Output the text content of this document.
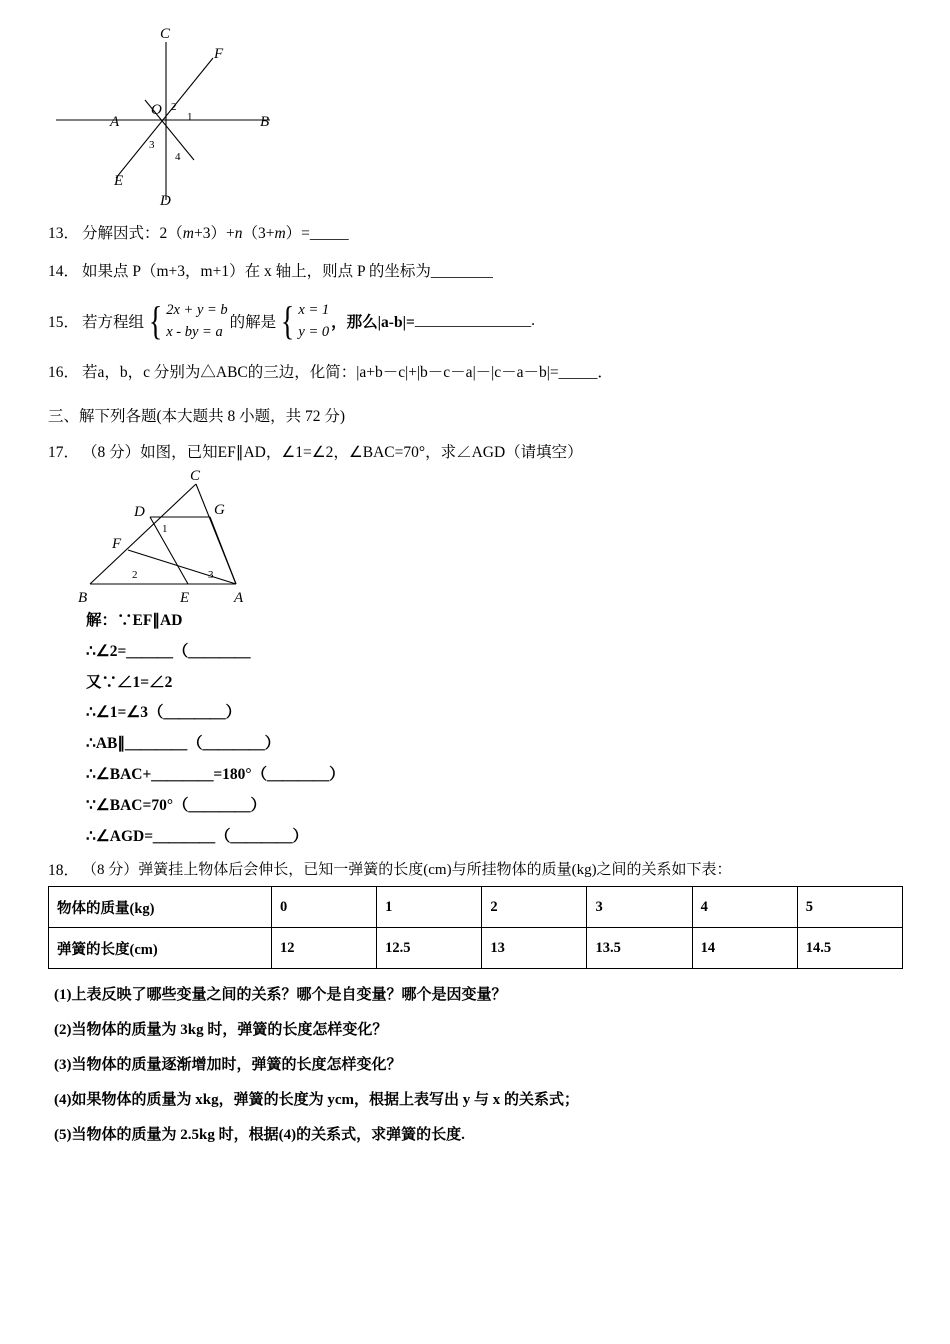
C
F
A
O
B
E
D
2
1
3
4
13． 分解因式：2（m+3）+n（3+m）=_____
14． 如果点 P（m+3，m+1）在 x 轴上，则点 P 的坐标为________
15． 若方程组 { 2x + y = b
x - by = a
的解是 { x = 1
y = 0
，那么|a-b|= _______________ .
16． 若a，b，c 分别为△ABC的三边，化简：|a+b－c|+|b－c－a|－|c－a－b|=_____．
三、解下列各题(本大题共 8 小题，共 72 分)
17． （8 分）如图，已知EF∥AD，∠1=∠2，∠BAC=70°，求∠AGD（请填空）
C
D	G
F
B	E	A
1
2	3
解：∵EF∥AD
∴∠2=＿＿＿（＿＿＿＿
又∵∠1=∠2
∴∠1=∠3（＿＿＿＿）
∴AB∥＿＿＿＿（＿＿＿＿）
∴∠BAC+＿＿＿＿=180°（＿＿＿＿）
∵∠BAC=70°（＿＿＿＿）
∴∠AGD=＿＿＿＿（＿＿＿＿）
18． （8 分）弹簧挂上物体后会伸长，已知一弹簧的长度(cm)与所挂物体的质量(kg)之间的关系如下表：
物体的质量(kg)	0	1	2	3	4	5
弹簧的长度(cm)	12	12.5	13	13.5	14	14.5
(1)上表反映了哪些变量之间的关系？哪个是自变量？哪个是因变量？
(2)当物体的质量为 3kg 时，弹簧的长度怎样变化？
(3)当物体的质量逐渐增加时，弹簧的长度怎样变化？
(4)如果物体的质量为 xkg，弹簧的长度为 ycm，根据上表写出 y 与 x 的关系式；
(5)当物体的质量为 2.5kg 时，根据(4)的关系式，求弹簧的长度.
